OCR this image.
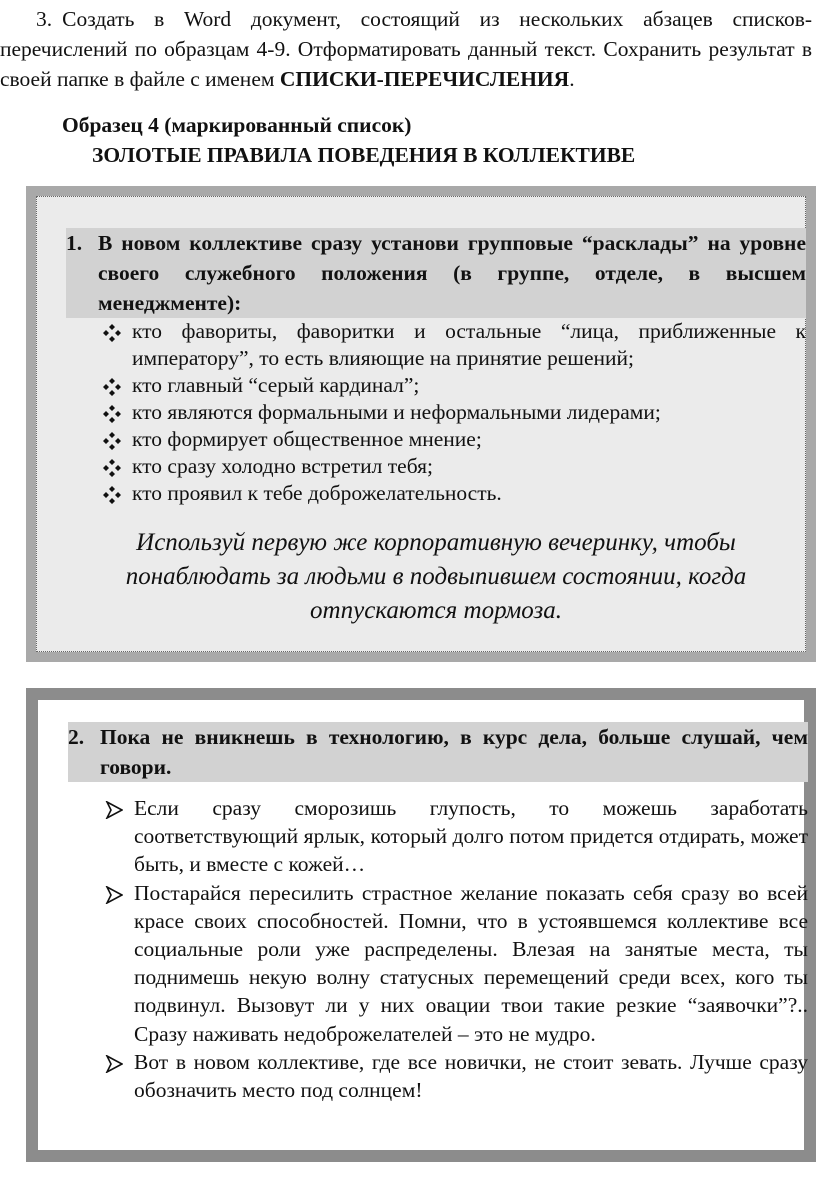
3. Создать в Word документ, состоящий из нескольких абзацев списков-перечислений по образцам 4-9. Отформатировать данный текст. Сохранить результат в своей папке в файле с именем СПИСКИ-ПЕРЕЧИСЛЕНИЯ.
Образец 4 (маркированный список)
ЗОЛОТЫЕ ПРАВИЛА ПОВЕДЕНИЯ В КОЛЛЕКТИВЕ
1. В новом коллективе сразу установи групповые “расклады” на уровне своего служебного положения (в группе, отделе, в высшем менеджменте):
кто фавориты, фаворитки и остальные “лица, приближенные к императору”, то есть влияющие на принятие решений;
кто главный “серый кардинал”;
кто являются формальными и неформальными лидерами;
кто формирует общественное мнение;
кто сразу холодно встретил тебя;
кто проявил к тебе доброжелательность.
Используй первую же корпоративную вечеринку, чтобы понаблюдать за людьми в подвыпившем состоянии, когда отпускаются тормоза.
2. Пока не вникнешь в технологию, в курс дела, больше слушай, чем говори.
Если сразу сморозишь глупость, то можешь заработать соответствующий ярлык, который долго потом придется отдирать, может быть, и вместе с кожей…
Постарайся пересилить страстное желание показать себя сразу во всей красе своих способностей. Помни, что в устоявшемся коллективе все социальные роли уже распределены. Влезая на занятые места, ты поднимешь некую волну статусных перемещений среди всех, кого ты подвинул. Вызовут ли у них овации твои такие резкие “заявочки”?.. Сразу наживать недоброжелателей – это не мудро.
Вот в новом коллективе, где все новички, не стоит зевать. Лучше сразу обозначить место под солнцем!
